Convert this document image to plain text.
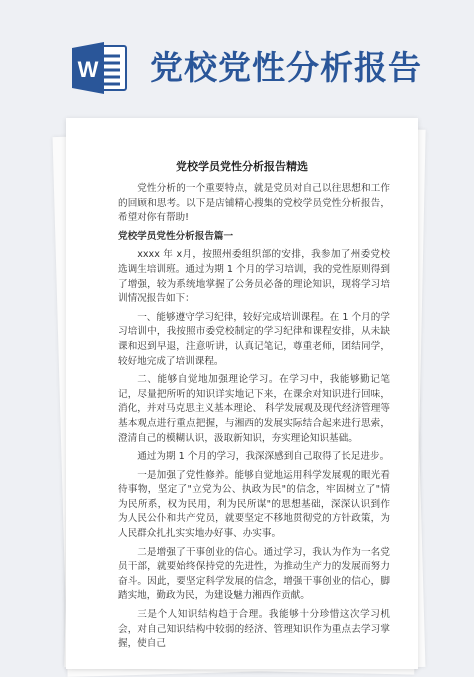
W 党校党性分析报告
党校学员党性分析报告精选

党性分析的一个重要特点，就是党员对自己以往思想和工作的回顾和思考。以下是店铺精心搜集的党校学员党性分析报告，希望对你有帮助!

党校学员党性分析报告篇一

xxxx 年 x月，按照州委组织部的安排，我参加了州委党校选调生培训班。通过为期 1 个月的学习培训，我的党性原则得到了增强，较为系统地掌握了公务员必备的理论知识，现将学习培训情况报告如下：

一、能够遵守学习纪律，较好完成培训课程。在 1 个月的学习培训中，我按照市委党校制定的学习纪律和课程安排，从未缺课和迟到早退，注意听讲，认真记笔记，尊重老师，团结同学，较好地完成了培训课程。

二、能够自觉地加强理论学习。在学习中，我能够勤记笔记，尽量把所听的知识详实地记下来，在课余对知识进行回味，消化，并对马克思主义基本理论、 科学发展观及现代经济管理等基本观点进行重点把握，与湘西的发展实际结合起来进行思索，澄清自己的模糊认识，汲取新知识，夯实理论知识基础。

通过为期 1 个月的学习，我深深感到自己取得了长足进步。

一是加强了党性修养。能够自觉地运用科学发展观的眼光看待事物，坚定了"立党为公、执政为民"的信念，牢固树立了"情为民所系，权为民用，利为民所谋"的思想基础，深深认识到作为人民公仆和共产党员，就要坚定不移地贯彻党的方针政策，为人民群众扎扎实实地办好事、办实事。

二是增强了干事创业的信心。通过学习，我认为作为一名党员干部，就要始终保持党的先进性，为推动生产力的发展而努力奋斗。因此，要坚定科学发展的信念，增强干事创业的信心，脚踏实地，勤政为民，为建设魅力湘西作贡献。

三是个人知识结构趋于合理。我能够十分珍惜这次学习机会，对自己知识结构中较弱的经济、管理知识作为重点去学习掌握，使自己
